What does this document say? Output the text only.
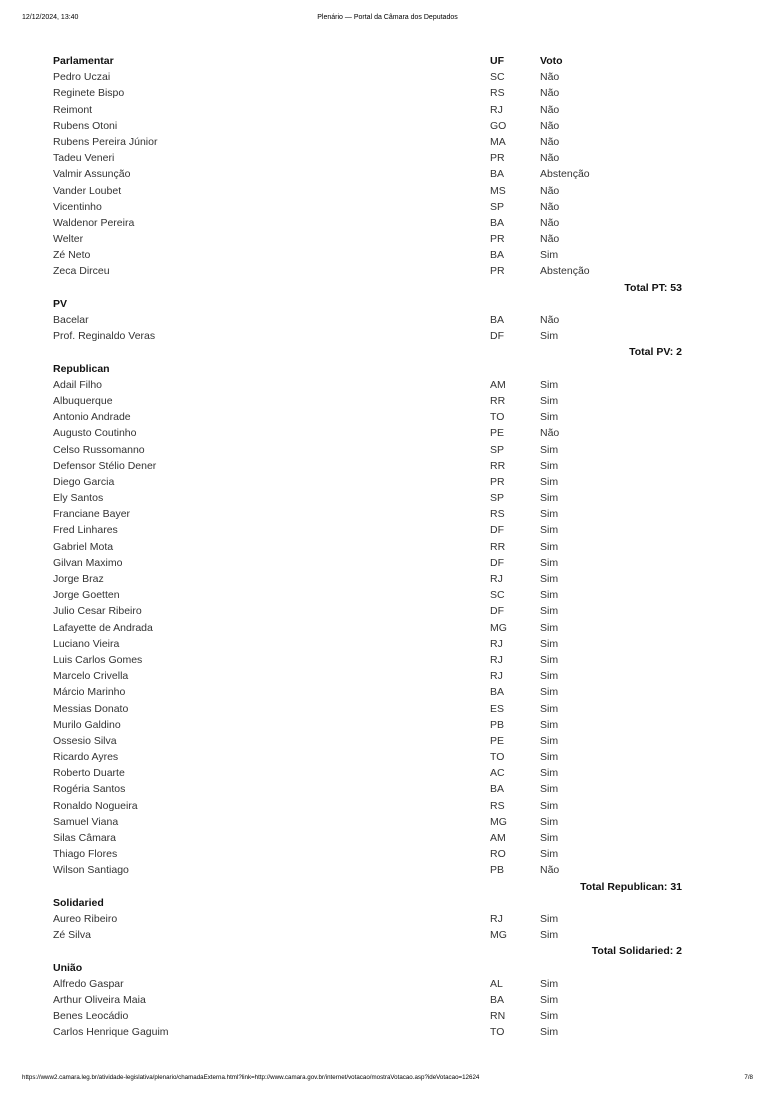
12/12/2024, 13:40	Plenário — Portal da Câmara dos Deputados
Parlamentar	UF	Voto
Pedro Uczai	SC	Não
Reginete Bispo	RS	Não
Reimont	RJ	Não
Rubens Otoni	GO	Não
Rubens Pereira Júnior	MA	Não
Tadeu Veneri	PR	Não
Valmir Assunção	BA	Abstenção
Vander Loubet	MS	Não
Vicentinho	SP	Não
Waldenor Pereira	BA	Não
Welter	PR	Não
Zé Neto	BA	Sim
Zeca Dirceu	PR	Abstenção
Total PT: 53
PV
Bacelar	BA	Não
Prof. Reginaldo Veras	DF	Sim
Total PV: 2
Republican
Adail Filho	AM	Sim
Albuquerque	RR	Sim
Antonio Andrade	TO	Sim
Augusto Coutinho	PE	Não
Celso Russomanno	SP	Sim
Defensor Stélio Dener	RR	Sim
Diego Garcia	PR	Sim
Ely Santos	SP	Sim
Franciane Bayer	RS	Sim
Fred Linhares	DF	Sim
Gabriel Mota	RR	Sim
Gilvan Maximo	DF	Sim
Jorge Braz	RJ	Sim
Jorge Goetten	SC	Sim
Julio Cesar Ribeiro	DF	Sim
Lafayette de Andrada	MG	Sim
Luciano Vieira	RJ	Sim
Luis Carlos Gomes	RJ	Sim
Marcelo Crivella	RJ	Sim
Márcio Marinho	BA	Sim
Messias Donato	ES	Sim
Murilo Galdino	PB	Sim
Ossesio Silva	PE	Sim
Ricardo Ayres	TO	Sim
Roberto Duarte	AC	Sim
Rogéria Santos	BA	Sim
Ronaldo Nogueira	RS	Sim
Samuel Viana	MG	Sim
Silas Câmara	AM	Sim
Thiago Flores	RO	Sim
Wilson Santiago	PB	Não
Total Republican: 31
Solidaried
Aureo Ribeiro	RJ	Sim
Zé Silva	MG	Sim
Total Solidaried: 2
União
Alfredo Gaspar	AL	Sim
Arthur Oliveira Maia	BA	Sim
Benes Leocádio	RN	Sim
Carlos Henrique Gaguim	TO	Sim
https://www2.camara.leg.br/atividade-legislativa/plenario/chamadaExterna.html?link=http://www.camara.gov.br/internet/votacao/mostraVotacao.asp?ideVotacao=12624	7/8
